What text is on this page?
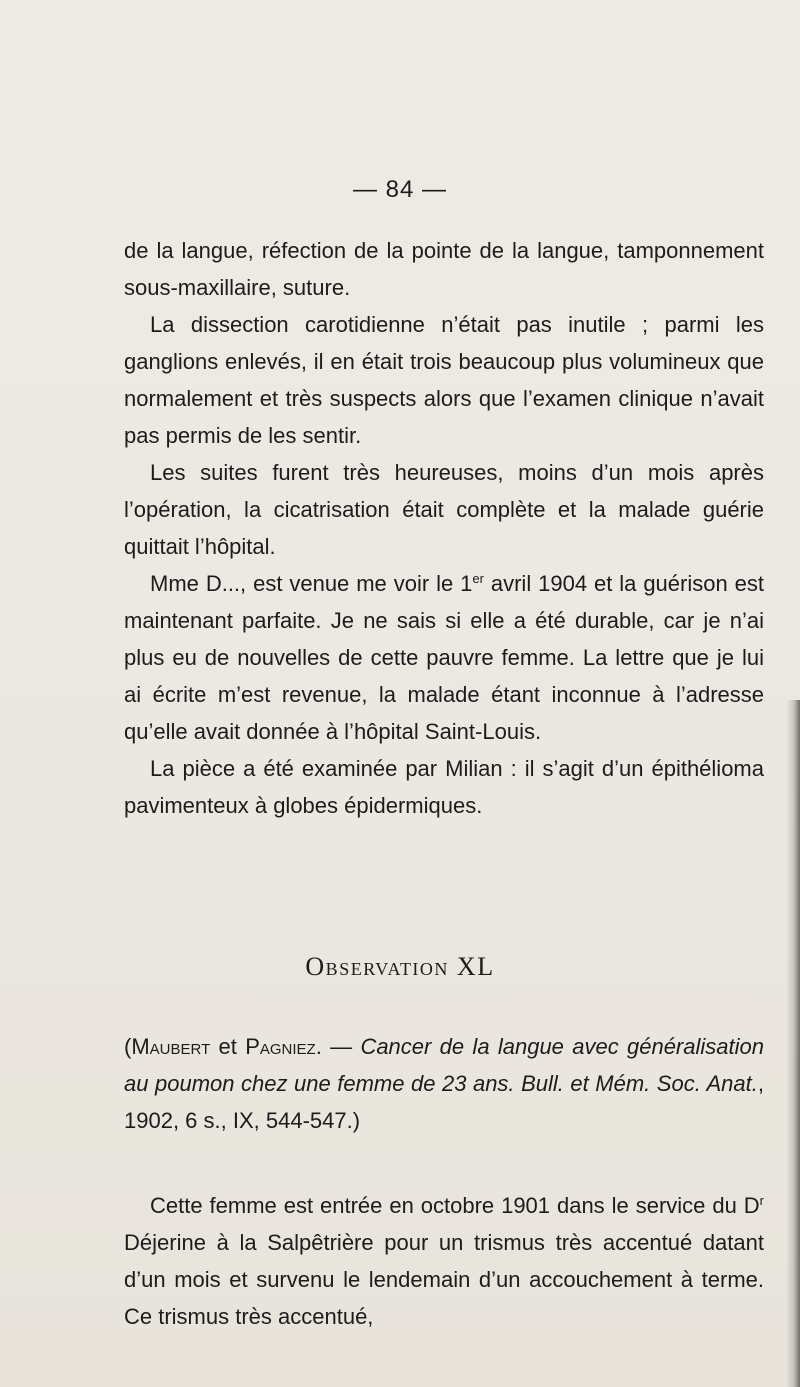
— 84 —

de la langue, réfection de la pointe de la langue, tamponnement sous-maxillaire, suture.

La dissection carotidienne n’était pas inutile ; parmi les ganglions enlevés, il en était trois beaucoup plus volumineux que normalement et très suspects alors que l’examen clinique n’avait pas permis de les sentir.

Les suites furent très heureuses, moins d’un mois après l’opération, la cicatrisation était complète et la malade guérie quittait l’hôpital.

Mme D..., est venue me voir le 1er avril 1904 et la guérison est maintenant parfaite. Je ne sais si elle a été durable, car je n’ai plus eu de nouvelles de cette pauvre femme. La lettre que je lui ai écrite m’est revenue, la malade étant inconnue à l’adresse qu’elle avait donnée à l’hôpital Saint-Louis.

La pièce a été examinée par Milian : il s’agit d’un épithélioma pavimenteux à globes épidermiques.

Observation XL
(Maubert et Pagniez. — Cancer de la langue avec généralisation au poumon chez une femme de 23 ans. Bull. et Mém. Soc. Anat., 1902, 6 s., IX, 544-547.)

Cette femme est entrée en octobre 1901 dans le service du $D^r$ Déjerine à la Salpêtrière pour un trismus très accentué datant d’un mois et survenu le lendemain d’un accouchement à terme. Ce trismus très accentué,
